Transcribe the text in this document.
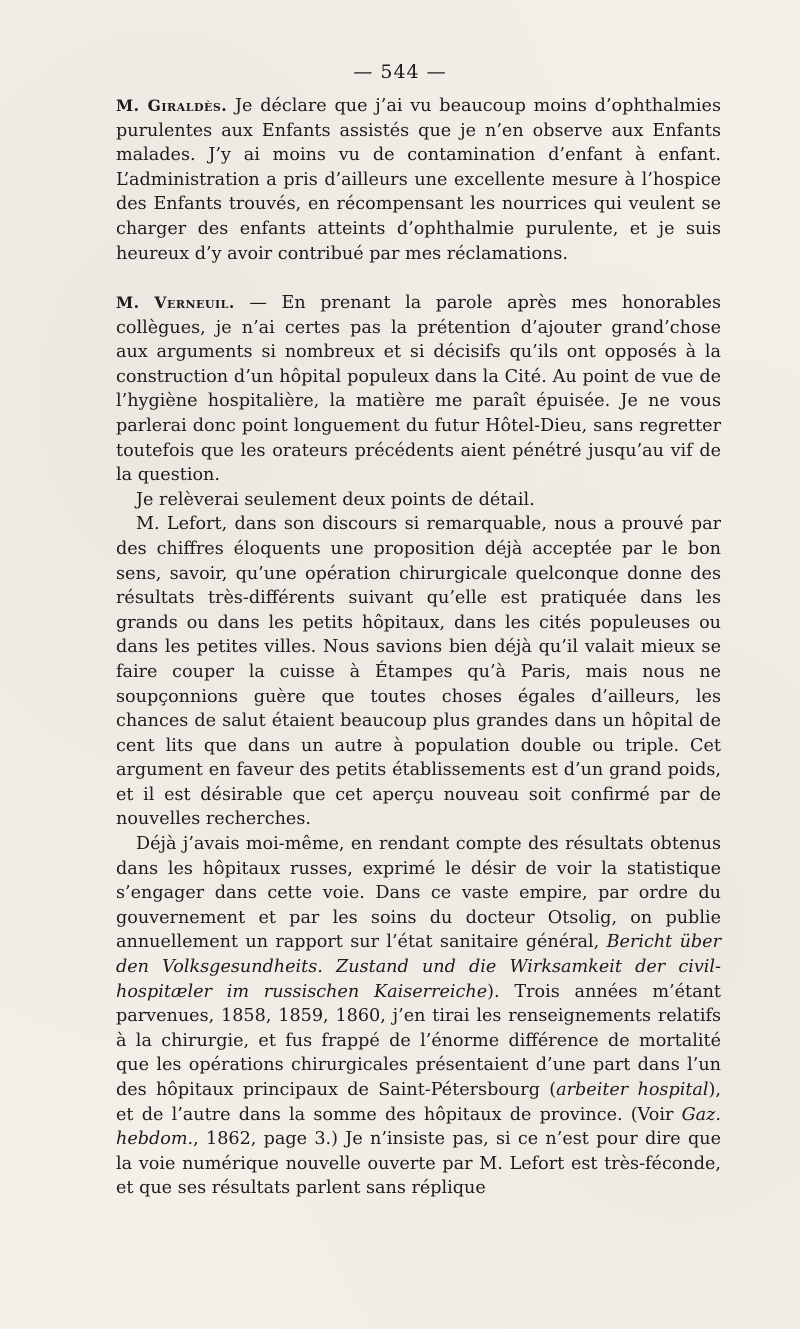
— 544 —

M. Giraldès. Je déclare que j’ai vu beaucoup moins d’ophthalmies purulentes aux Enfants assistés que je n’en observe aux Enfants malades. J’y ai moins vu de contamination d’enfant à enfant. L’administration a pris d’ailleurs une excellente mesure à l’hospice des Enfants trouvés, en récompensant les nourrices qui veulent se charger des enfants atteints d’ophthalmie purulente, et je suis heureux d’y avoir contribué par mes réclamations.

M. Verneuil. — En prenant la parole après mes honorables collègues, je n’ai certes pas la prétention d’ajouter grand’chose aux arguments si nombreux et si décisifs qu’ils ont opposés à la construction d’un hôpital populeux dans la Cité. Au point de vue de l’hygiène hospitalière, la matière me paraît épuisée. Je ne vous parlerai donc point longuement du futur Hôtel-Dieu, sans regretter toutefois que les orateurs précédents aient pénétré jusqu’au vif de la question.

Je relèverai seulement deux points de détail.

M. Lefort, dans son discours si remarquable, nous a prouvé par des chiffres éloquents une proposition déjà acceptée par le bon sens, savoir, qu’une opération chirurgicale quelconque donne des résultats très-différents suivant qu’elle est pratiquée dans les grands ou dans les petits hôpitaux, dans les cités populeuses ou dans les petites villes. Nous savions bien déjà qu’il valait mieux se faire couper la cuisse à Étampes qu’à Paris, mais nous ne soupçonnions guère que toutes choses égales d’ailleurs, les chances de salut étaient beaucoup plus grandes dans un hôpital de cent lits que dans un autre à population double ou triple. Cet argument en faveur des petits établissements est d’un grand poids, et il est désirable que cet aperçu nouveau soit confirmé par de nouvelles recherches.

Déjà j’avais moi-même, en rendant compte des résultats obtenus dans les hôpitaux russes, exprimé le désir de voir la statistique s’engager dans cette voie. Dans ce vaste empire, par ordre du gouvernement et par les soins du docteur Otsolig, on publie annuellement un rapport sur l’état sanitaire général, Bericht über den Volksgesundheits. Zustand und die Wirksamkeit der civil-hospitæler im russischen Kaiserreiche). Trois années m’étant parvenues, 1858, 1859, 1860, j’en tirai les renseignements relatifs à la chirurgie, et fus frappé de l’énorme différence de mortalité que les opérations chirurgicales présentaient d’une part dans l’un des hôpitaux principaux de Saint-Pétersbourg (arbeiter hospital), et de l’autre dans la somme des hôpitaux de province. (Voir Gaz. hebdom., 1862, page 3.) Je n’insiste pas, si ce n’est pour dire que la voie numérique nouvelle ouverte par M. Lefort est très-féconde, et que ses résultats parlent sans réplique
